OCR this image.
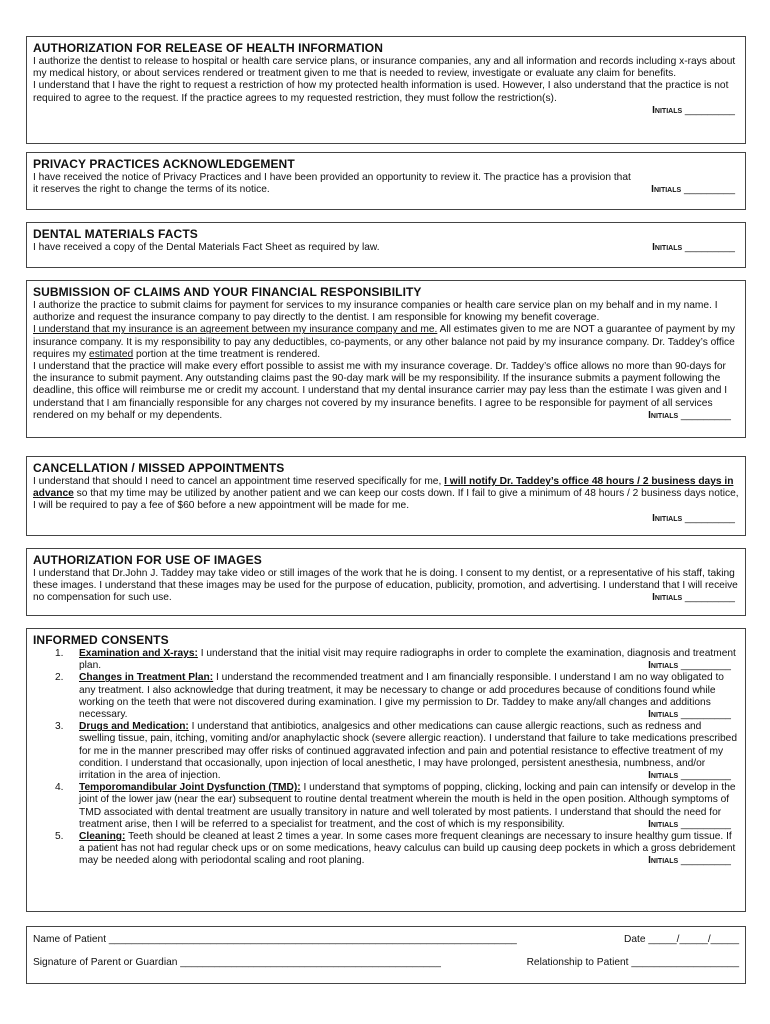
AUTHORIZATION FOR RELEASE OF HEALTH INFORMATION

I authorize the dentist to release to hospital or health care service plans, or insurance companies, any and all information and records including x-rays about my medical history, or about services rendered or treatment given to me that is needed to review, investigate or evaluate any claim for benefits.

I understand that I have the right to request a restriction of how my protected health information is used. However, I also understand that the practice is not required to agree to the request. If the practice agrees to my requested restriction, they must follow the restriction(s).

Initials _________

PRIVACY PRACTICES ACKNOWLEDGEMENT

I have received the notice of Privacy Practices and I have been provided an opportunity to review it. The practice has a provision that it reserves the right to change the terms of its notice.	Initials _________

DENTAL MATERIALS FACTS

I have received a copy of the Dental Materials Fact Sheet as required by law.	Initials _________

SUBMISSION OF CLAIMS AND YOUR FINANCIAL RESPONSIBILITY

I authorize the practice to submit claims for payment for services to my insurance companies or health care service plan on my behalf and in my name. I authorize and request the insurance company to pay directly to the dentist. I am responsible for knowing my benefit coverage.

I understand that my insurance is an agreement between my insurance company and me. All estimates given to me are NOT a guarantee of payment by my insurance company. It is my responsibility to pay any deductibles, co-payments, or any other balance not paid by my insurance company. Dr. Taddey’s office requires my estimated portion at the time treatment is rendered.

I understand that the practice will make every effort possible to assist me with my insurance coverage. Dr. Taddey’s office allows no more than 90-days for the insurance to submit payment. Any outstanding claims past the 90-day mark will be my responsibility. If the insurance submits a payment following the deadline, this office will reimburse me or credit my account. I understand that my dental insurance carrier may pay less than the estimate I was given and I understand that I am financially responsible for any charges not covered by my insurance benefits. I agree to be responsible for payment of all services rendered on my behalf or my dependents.	Initials _________

CANCELLATION / MISSED APPOINTMENTS

I understand that should I need to cancel an appointment time reserved specifically for me, I will notify Dr. Taddey’s office 48 hours / 2 business days in advance so that my time may be utilized by another patient and we can keep our costs down. If I fail to give a minimum of 48 hours / 2 business days notice, I will be required to pay a fee of $60 before a new appointment will be made for me.

Initials _________

AUTHORIZATION FOR USE OF IMAGES

I understand that Dr.John J. Taddey may take video or still images of the work that he is doing. I consent to my dentist, or a representative of his staff, taking these images. I understand that these images may be used for the purpose of education, publicity, promotion, and advertising. I understand that I will receive no compensation for such use.	Initials _________

INFORMED CONSENTS

1. Examination and X-rays: I understand that the initial visit may require radiographs in order to complete the examination, diagnosis and treatment plan.	Initials _________
2. Changes in Treatment Plan: I understand the recommended treatment and I am financially responsible. I understand I am no way obligated to any treatment. I also acknowledge that during treatment, it may be necessary to change or add procedures because of conditions found while working on the teeth that were not discovered during examination. I give my permission to Dr. Taddey to make any/all changes and additions necessary.	Initials _________
3. Drugs and Medication: I understand that antibiotics, analgesics and other medications can cause allergic reactions, such as redness and swelling tissue, pain, itching, vomiting and/or anaphylactic shock (severe allergic reaction). I understand that failure to take medications prescribed for me in the manner prescribed may offer risks of continued aggravated infection and pain and potential resistance to effective treatment of my condition. I understand that occasionally, upon injection of local anesthetic, I may have prolonged, persistent anesthesia, numbness, and/or irritation in the area of injection.	Initials _________
4. Temporomandibular Joint Dysfunction (TMD): I understand that symptoms of popping, clicking, locking and pain can intensify or develop in the joint of the lower jaw (near the ear) subsequent to routine dental treatment wherein the mouth is held in the open position. Although symptoms of TMD associated with dental treatment are usually transitory in nature and well tolerated by most patients. I understand that should the need for treatment arise, then I will be referred to a specialist for treatment, and the cost of which is my responsibility.	Initials _________
5. Cleaning: Teeth should be cleaned at least 2 times a year. In some cases more frequent cleanings are necessary to insure healthy gum tissue. If a patient has not had regular check ups or on some medications, heavy calculus can build up causing deep pockets in which a gross debridement may be needed along with periodontal scaling and root planing.	Initials _________
Name of Patient ________________________________________________________________________	Date _____/_____/_____
Signature of Parent or Guardian ______________________________________________	Relationship to Patient ___________________
